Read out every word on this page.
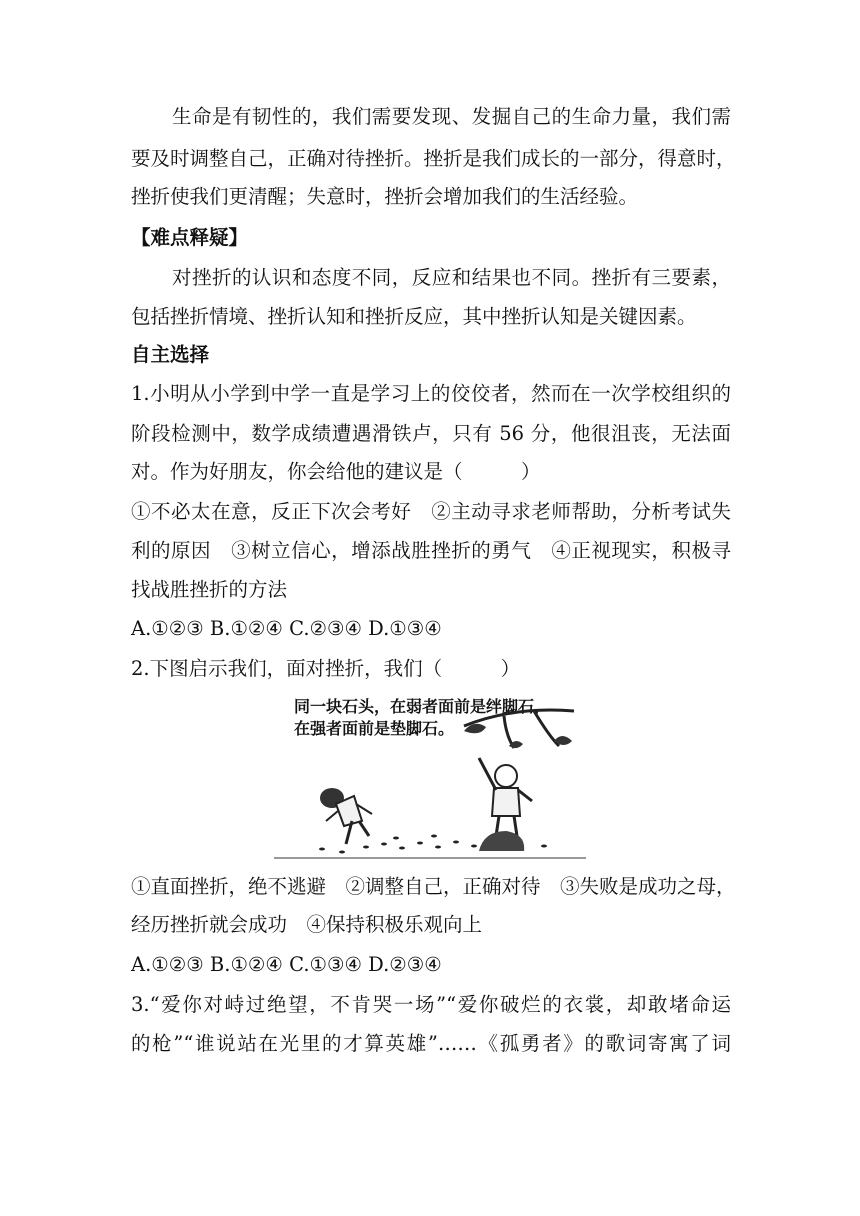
生命是有韧性的，我们需要发现、发掘自己的生命力量，我们需
要及时调整自己，正确对待挫折。挫折是我们成长的一部分，得意时，
挫折使我们更清醒；失意时，挫折会增加我们的生活经验。
【难点释疑】
对挫折的认识和态度不同，反应和结果也不同。挫折有三要素，
包括挫折情境、挫折认知和挫折反应，其中挫折认知是关键因素。
自主选择
1.小明从小学到中学一直是学习上的佼佼者，然而在一次学校组织的
阶段检测中，数学成绩遭遇滑铁卢，只有 56 分，他很沮丧，无法面
对。作为好朋友，你会给他的建议是（　　　）
①不必太在意，反正下次会考好　②主动寻求老师帮助，分析考试失
利的原因　③树立信心，增添战胜挫折的勇气　④正视现实，积极寻
找战胜挫折的方法
A.①②③ B.①②④ C.②③④ D.①③④
2.下图启示我们，面对挫折，我们（　　　）
同一块石头，在弱者面前是绊脚石，
在强者面前是垫脚石。
①直面挫折，绝不逃避　②调整自己，正确对待　③失败是成功之母，
经历挫折就会成功　④保持积极乐观向上
A.①②③ B.①②④ C.①③④ D.②③④
3.“爱你对峙过绝望，不肯哭一场”“爱你破烂的衣裳，却敢堵命运
的枪”“谁说站在光里的才算英雄”……《孤勇者》的歌词寄寓了词
